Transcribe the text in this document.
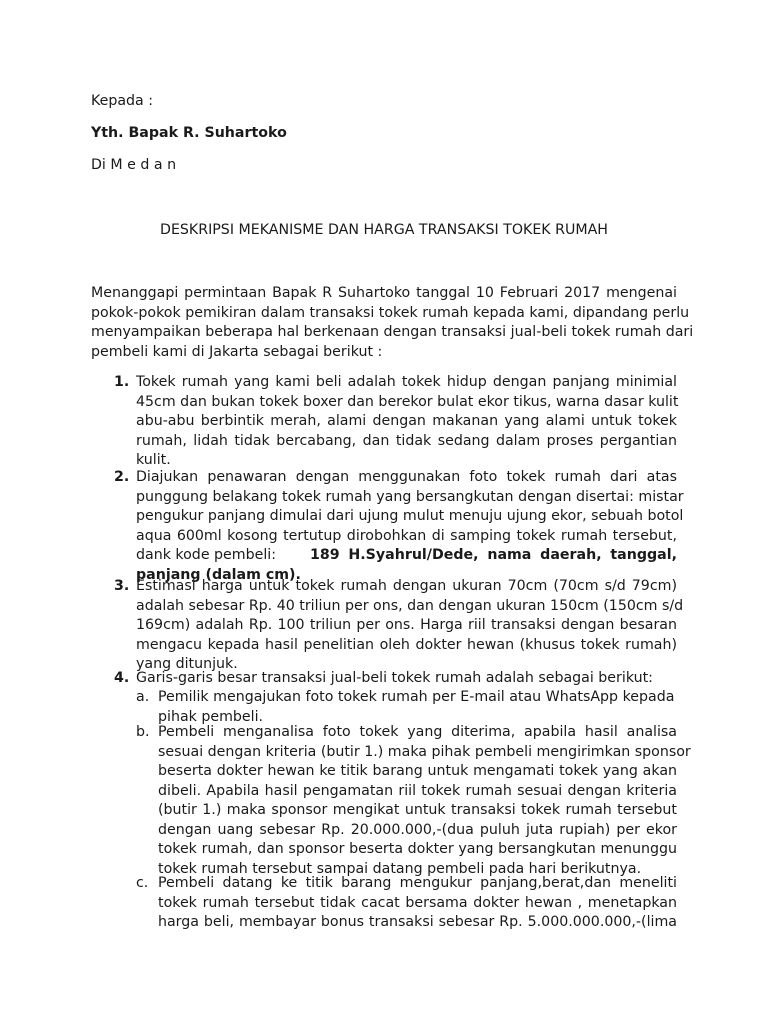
Kepada :

Yth. Bapak R. Suhartoko

Di M e d a n

DESKRIPSI MEKANISME DAN HARGA TRANSAKSI TOKEK RUMAH

Menanggapi permintaan Bapak R Suhartoko tanggal 10 Februari 2017 mengenai
pokok-pokok pemikiran dalam transaksi tokek rumah kepada kami, dipandang perlu
menyampaikan beberapa hal berkenaan dengan transaksi jual-beli tokek rumah dari
pembeli kami di Jakarta sebagai berikut :
1. Tokek rumah yang kami beli adalah tokek hidup dengan panjang minimial
45cm dan bukan tokek boxer dan berekor bulat ekor tikus, warna dasar kulit
abu-abu berbintik merah, alami dengan makanan yang alami untuk tokek
rumah, lidah tidak bercabang, dan tidak sedang dalam proses pergantian
kulit.
2. Diajukan penawaran dengan menggunakan foto tokek rumah dari atas
punggung belakang tokek rumah yang bersangkutan dengan disertai: mistar
pengukur panjang dimulai dari ujung mulut menuju ujung ekor, sebuah botol
aqua 600ml kosong tertutup dirobohkan di samping tokek rumah tersebut,
dank kode pembeli: 189 H.Syahrul/Dede, nama daerah, tanggal,
panjang (dalam cm).
3. Estimasi harga untuk tokek rumah dengan ukuran 70cm (70cm s/d 79cm)
adalah sebesar Rp. 40 triliun per ons, dan dengan ukuran 150cm (150cm s/d
169cm) adalah Rp. 100 triliun per ons. Harga riil transaksi dengan besaran
mengacu kepada hasil penelitian oleh dokter hewan (khusus tokek rumah)
yang ditunjuk.
4. Garis-garis besar transaksi jual-beli tokek rumah adalah sebagai berikut:

a. Pemilik mengajukan foto tokek rumah per E-mail atau WhatsApp kepada
pihak pembeli.
b. Pembeli menganalisa foto tokek yang diterima, apabila hasil analisa
sesuai dengan kriteria (butir 1.) maka pihak pembeli mengirimkan sponsor
beserta dokter hewan ke titik barang untuk mengamati tokek yang akan
dibeli. Apabila hasil pengamatan riil tokek rumah sesuai dengan kriteria
(butir 1.) maka sponsor mengikat untuk transaksi tokek rumah tersebut
dengan uang sebesar Rp. 20.000.000,-(dua puluh juta rupiah) per ekor
tokek rumah, dan sponsor beserta dokter yang bersangkutan menunggu
tokek rumah tersebut sampai datang pembeli pada hari berikutnya.
c. Pembeli datang ke titik barang mengukur panjang,berat,dan meneliti
tokek rumah tersebut tidak cacat bersama dokter hewan , menetapkan
harga beli, membayar bonus transaksi sebesar Rp. 5.000.000.000,-(lima
